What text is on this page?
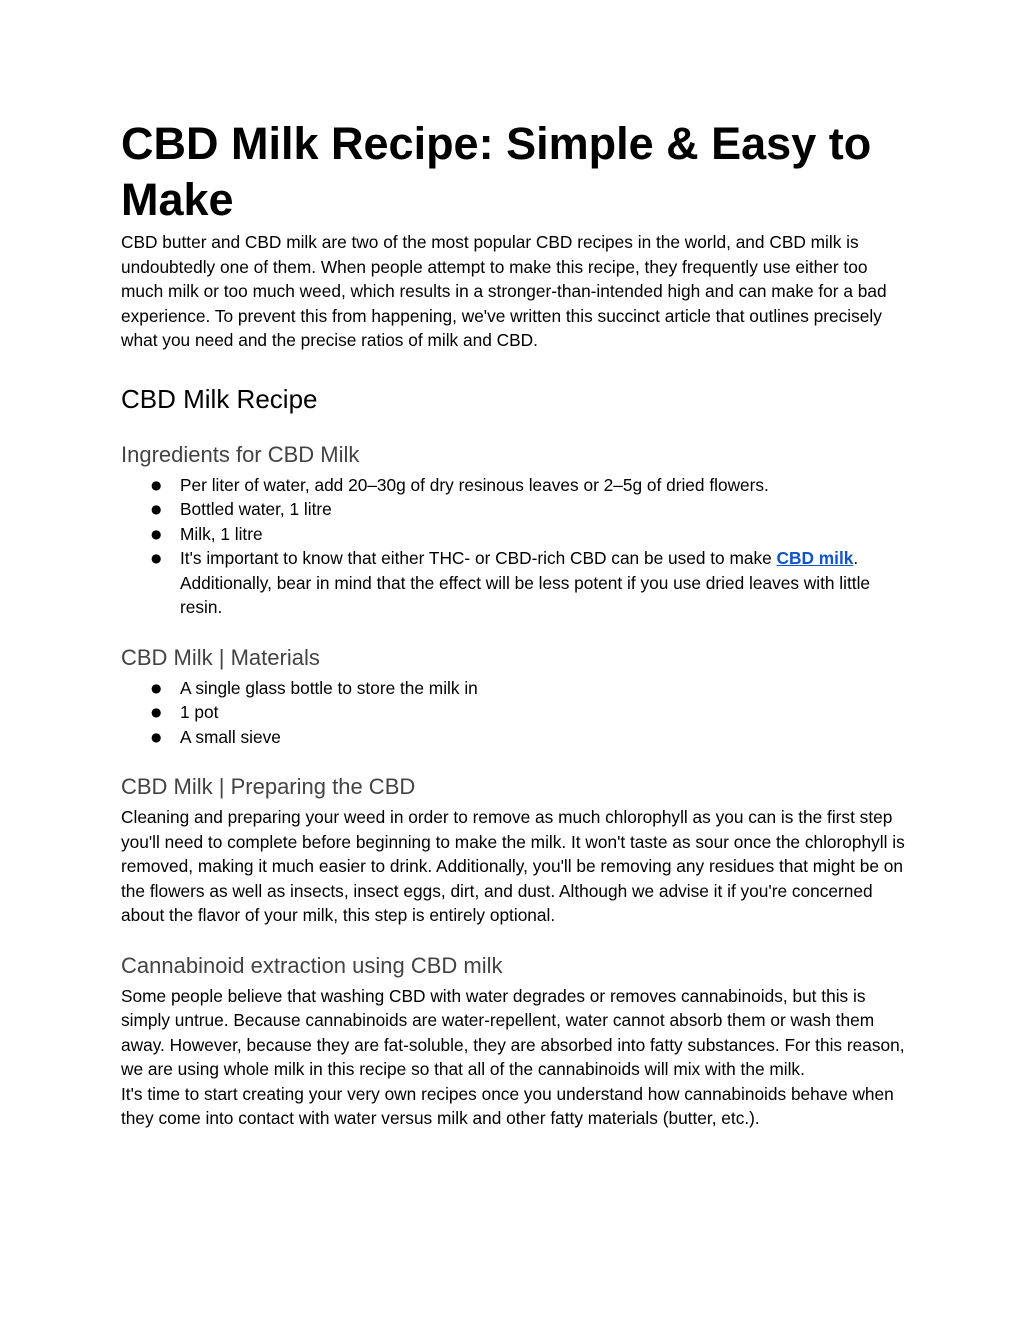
CBD Milk Recipe: Simple & Easy to Make

CBD butter and CBD milk are two of the most popular CBD recipes in the world, and CBD milk is undoubtedly one of them. When people attempt to make this recipe, they frequently use either too much milk or too much weed, which results in a stronger-than-intended high and can make for a bad experience. To prevent this from happening, we've written this succinct article that outlines precisely what you need and the precise ratios of milk and CBD.

CBD Milk Recipe
Ingredients for CBD Milk
● Per liter of water, add 20–30g of dry resinous leaves or 2–5g of dried flowers.
● Bottled water, 1 litre
● Milk, 1 litre
● It's important to know that either THC- or CBD-rich CBD can be used to make CBD milk. Additionally, bear in mind that the effect will be less potent if you use dried leaves with little resin.
CBD Milk | Materials
● A single glass bottle to store the milk in
● 1 pot
● A small sieve
CBD Milk | Preparing the CBD

Cleaning and preparing your weed in order to remove as much chlorophyll as you can is the first step you'll need to complete before beginning to make the milk. It won't taste as sour once the chlorophyll is removed, making it much easier to drink. Additionally, you'll be removing any residues that might be on the flowers as well as insects, insect eggs, dirt, and dust. Although we advise it if you're concerned about the flavor of your milk, this step is entirely optional.

Cannabinoid extraction using CBD milk

Some people believe that washing CBD with water degrades or removes cannabinoids, but this is simply untrue. Because cannabinoids are water-repellent, water cannot absorb them or wash them away. However, because they are fat-soluble, they are absorbed into fatty substances. For this reason, we are using whole milk in this recipe so that all of the cannabinoids will mix with the milk.

It's time to start creating your very own recipes once you understand how cannabinoids behave when they come into contact with water versus milk and other fatty materials (butter, etc.).
